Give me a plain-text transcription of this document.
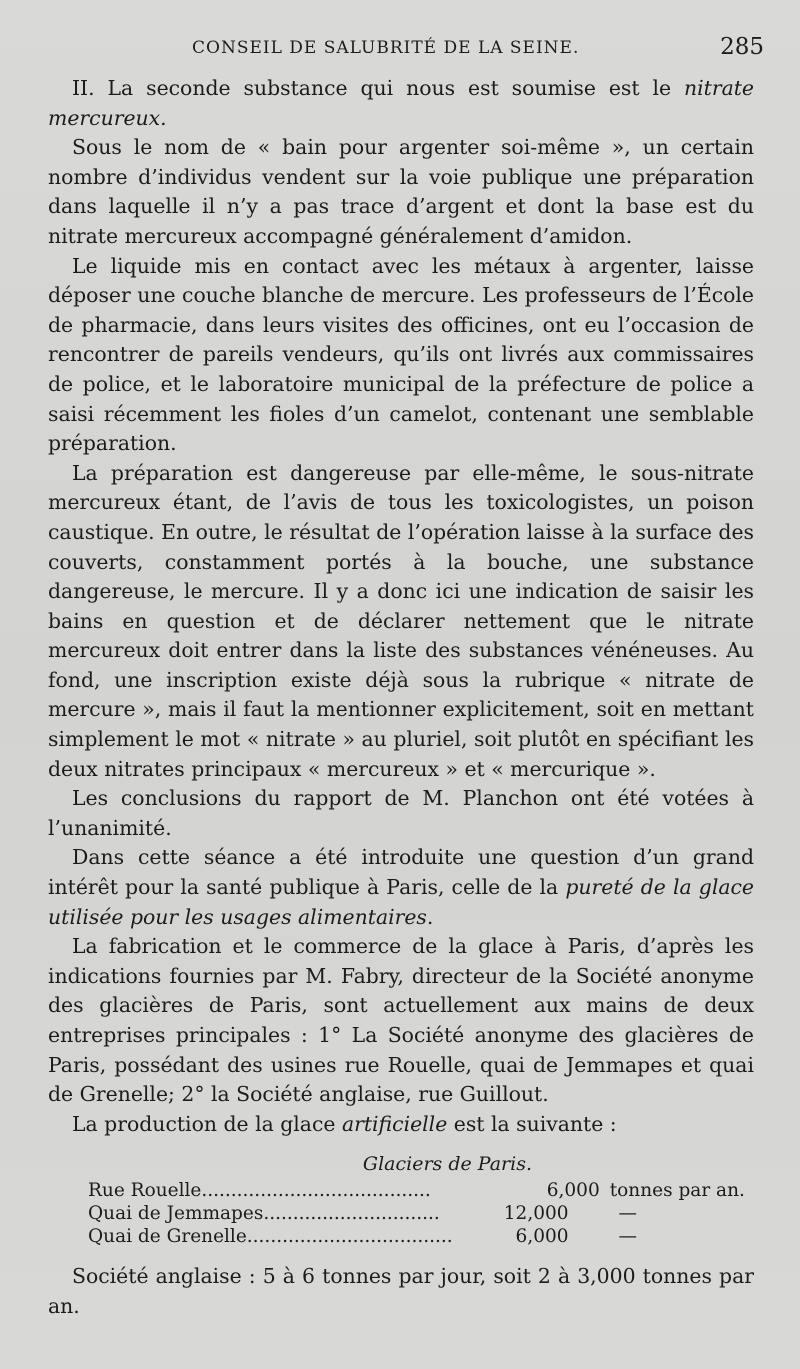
CONSEIL DE SALUBRITÉ DE LA SEINE.	285

II. La seconde substance qui nous est soumise est le nitrate mercureux.

Sous le nom de « bain pour argenter soi-même », un certain nombre d’individus vendent sur la voie publique une préparation dans laquelle il n’y a pas trace d’argent et dont la base est du nitrate mercureux accompagné généralement d’amidon.

Le liquide mis en contact avec les métaux à argenter, laisse déposer une couche blanche de mercure. Les professeurs de l’École de pharmacie, dans leurs visites des officines, ont eu l’occasion de rencontrer de pareils vendeurs, qu’ils ont livrés aux commissaires de police, et le laboratoire municipal de la préfecture de police a saisi récemment les fioles d’un camelot, contenant une semblable préparation.

La préparation est dangereuse par elle-même, le sous-nitrate mercureux étant, de l’avis de tous les toxicologistes, un poison caustique. En outre, le résultat de l’opération laisse à la surface des couverts, constamment portés à la bouche, une substance dangereuse, le mercure. Il y a donc ici une indication de saisir les bains en question et de déclarer nettement que le nitrate mercureux doit entrer dans la liste des substances vénéneuses. Au fond, une inscription existe déjà sous la rubrique « nitrate de mercure », mais il faut la mentionner explicitement, soit en mettant simplement le mot « nitrate » au pluriel, soit plutôt en spécifiant les deux nitrates principaux « mercureux » et « mercurique ».

Les conclusions du rapport de M. Planchon ont été votées à l’unanimité.

Dans cette séance a été introduite une question d’un grand intérêt pour la santé publique à Paris, celle de la pureté de la glace utilisée pour les usages alimentaires.

La fabrication et le commerce de la glace à Paris, d’après les indications fournies par M. Fabry, directeur de la Société anonyme des glacières de Paris, sont actuellement aux mains de deux entreprises principales : 1° La Société anonyme des glacières de Paris, possédant des usines rue Rouelle, quai de Jemmapes et quai de Grenelle; 2° la Société anglaise, rue Guillout.

La production de la glace artificielle est la suivante :

Glaciers de Paris.
Rue Rouelle.......................................	6,000 tonnes par an.
Quai de Jemmapes..............................	12,000	—
Quai de Grenelle...................................	6,000	—

Société anglaise : 5 à 6 tonnes par jour, soit 2 à 3,000 tonnes par an.
